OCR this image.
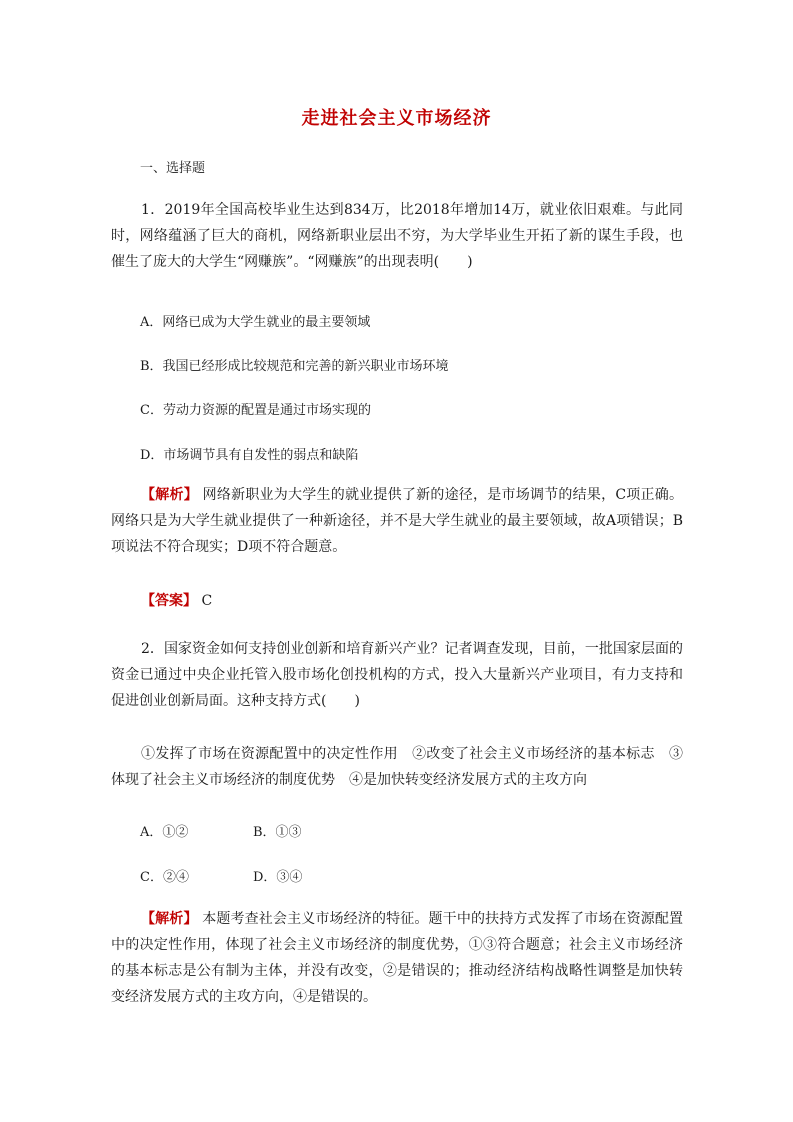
走进社会主义市场经济
一、选择题
1．2019年全国高校毕业生达到834万，比2018年增加14万，就业依旧艰难。与此同时，网络蕴涵了巨大的商机，网络新职业层出不穷，为大学毕业生开拓了新的谋生手段，也催生了庞大的大学生“网赚族”。“网赚族”的出现表明(　　)
A．网络已成为大学生就业的最主要领域
B．我国已经形成比较规范和完善的新兴职业市场环境
C．劳动力资源的配置是通过市场实现的
D．市场调节具有自发性的弱点和缺陷
【解析】 网络新职业为大学生的就业提供了新的途径，是市场调节的结果，C项正确。网络只是为大学生就业提供了一种新途径，并不是大学生就业的最主要领域，故A项错误；B项说法不符合现实；D项不符合题意。
【答案】 C
2．国家资金如何支持创业创新和培育新兴产业？记者调查发现，目前，一批国家层面的资金已通过中央企业托管入股市场化创投机构的方式，投入大量新兴产业项目，有力支持和促进创业创新局面。这种支持方式(　　)
①发挥了市场在资源配置中的决定性作用　②改变了社会主义市场经济的基本标志　③体现了社会主义市场经济的制度优势　④是加快转变经济发展方式的主攻方向
A．①②	B．①③
C．②④	D．③④
【解析】 本题考查社会主义市场经济的特征。题干中的扶持方式发挥了市场在资源配置中的决定性作用，体现了社会主义市场经济的制度优势，①③符合题意；社会主义市场经济的基本标志是公有制为主体，并没有改变，②是错误的；推动经济结构战略性调整是加快转变经济发展方式的主攻方向，④是错误的。
